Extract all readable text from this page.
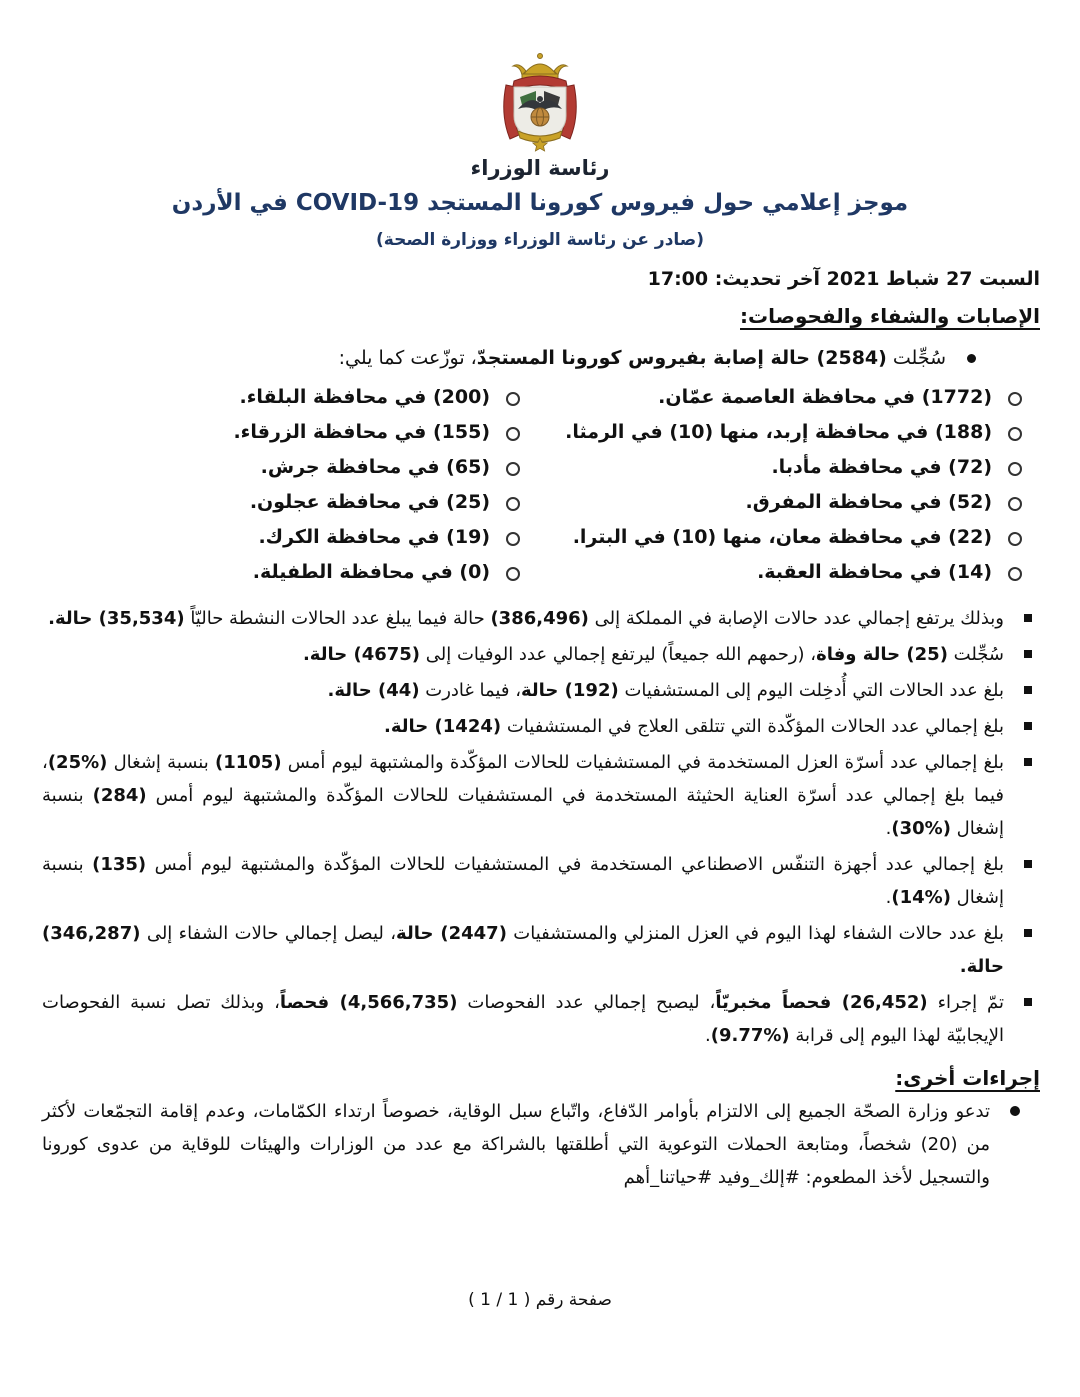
رئاسة الوزراء
موجز إعلامي حول فيروس كورونا المستجد COVID-19 في الأردن
(صادر عن رئاسة الوزراء ووزارة الصحة)
السبت 27 شباط 2021 آخر تحديث: 17:00
الإصابات والشفاء والفحوصات:
سُجِّلت (2584) حالة إصابة بفيروس كورونا المستجدّ، توزّعت كما يلي:
(1772) في محافظة العاصمة عمّان.
(200) في محافظة البلقاء.
(188) في محافظة إربد، منها (10) في الرمثا.
(155) في محافظة الزرقاء.
(72) في محافظة مأدبا.
(65) في محافظة جرش.
(52) في محافظة المفرق.
(25) في محافظة عجلون.
(22) في محافظة معان، منها (10) في البترا.
(19) في محافظة الكرك.
(14) في محافظة العقبة.
(0) في محافظة الطفيلة.
وبذلك يرتفع إجمالي عدد حالات الإصابة في المملكة إلى (386,496) حالة فيما يبلغ عدد الحالات النشطة حاليّاً (35,534) حالة.
سُجِّلت (25) حالة وفاة، (رحمهم الله جميعاً) ليرتفع إجمالي عدد الوفيات إلى (4675) حالة.
بلغ عدد الحالات التي أُدخِلت اليوم إلى المستشفيات (192) حالة، فيما غادرت (44) حالة.
بلغ إجمالي عدد الحالات المؤكّدة التي تتلقى العلاج في المستشفيات (1424) حالة.
بلغ إجمالي عدد أسرّة العزل المستخدمة في المستشفيات للحالات المؤكّدة والمشتبهة ليوم أمس (1105) بنسبة إشغال (%25)، فيما بلغ إجمالي عدد أسرّة العناية الحثيثة المستخدمة في المستشفيات للحالات المؤكّدة والمشتبهة ليوم أمس (284) بنسبة إشغال (%30).
بلغ إجمالي عدد أجهزة التنفّس الاصطناعي المستخدمة في المستشفيات للحالات المؤكّدة والمشتبهة ليوم أمس (135) بنسبة إشغال (%14).
بلغ عدد حالات الشفاء لهذا اليوم في العزل المنزلي والمستشفيات (2447) حالة، ليصل إجمالي حالات الشفاء إلى (346,287) حالة.
تمّ إجراء (26,452) فحصاً مخبريّاً، ليصبح إجمالي عدد الفحوصات (4,566,735) فحصاً، وبذلك تصل نسبة الفحوصات الإيجابيّة لهذا اليوم إلى قرابة (%9.77).
إجراءات أخرى:
تدعو وزارة الصحّة الجميع إلى الالتزام بأوامر الدّفاع، واتّباع سبل الوقاية، خصوصاً ارتداء الكمّامات، وعدم إقامة التجمّعات لأكثر من (20) شخصاً، ومتابعة الحملات التوعوية التي أطلقتها بالشراكة مع عدد من الوزارات والهيئات للوقاية من عدوى كورونا والتسجيل لأخذ المطعوم: #إلك_وفيد #حياتنا_أهم
صفحة رقم ( 1 / 1 )
